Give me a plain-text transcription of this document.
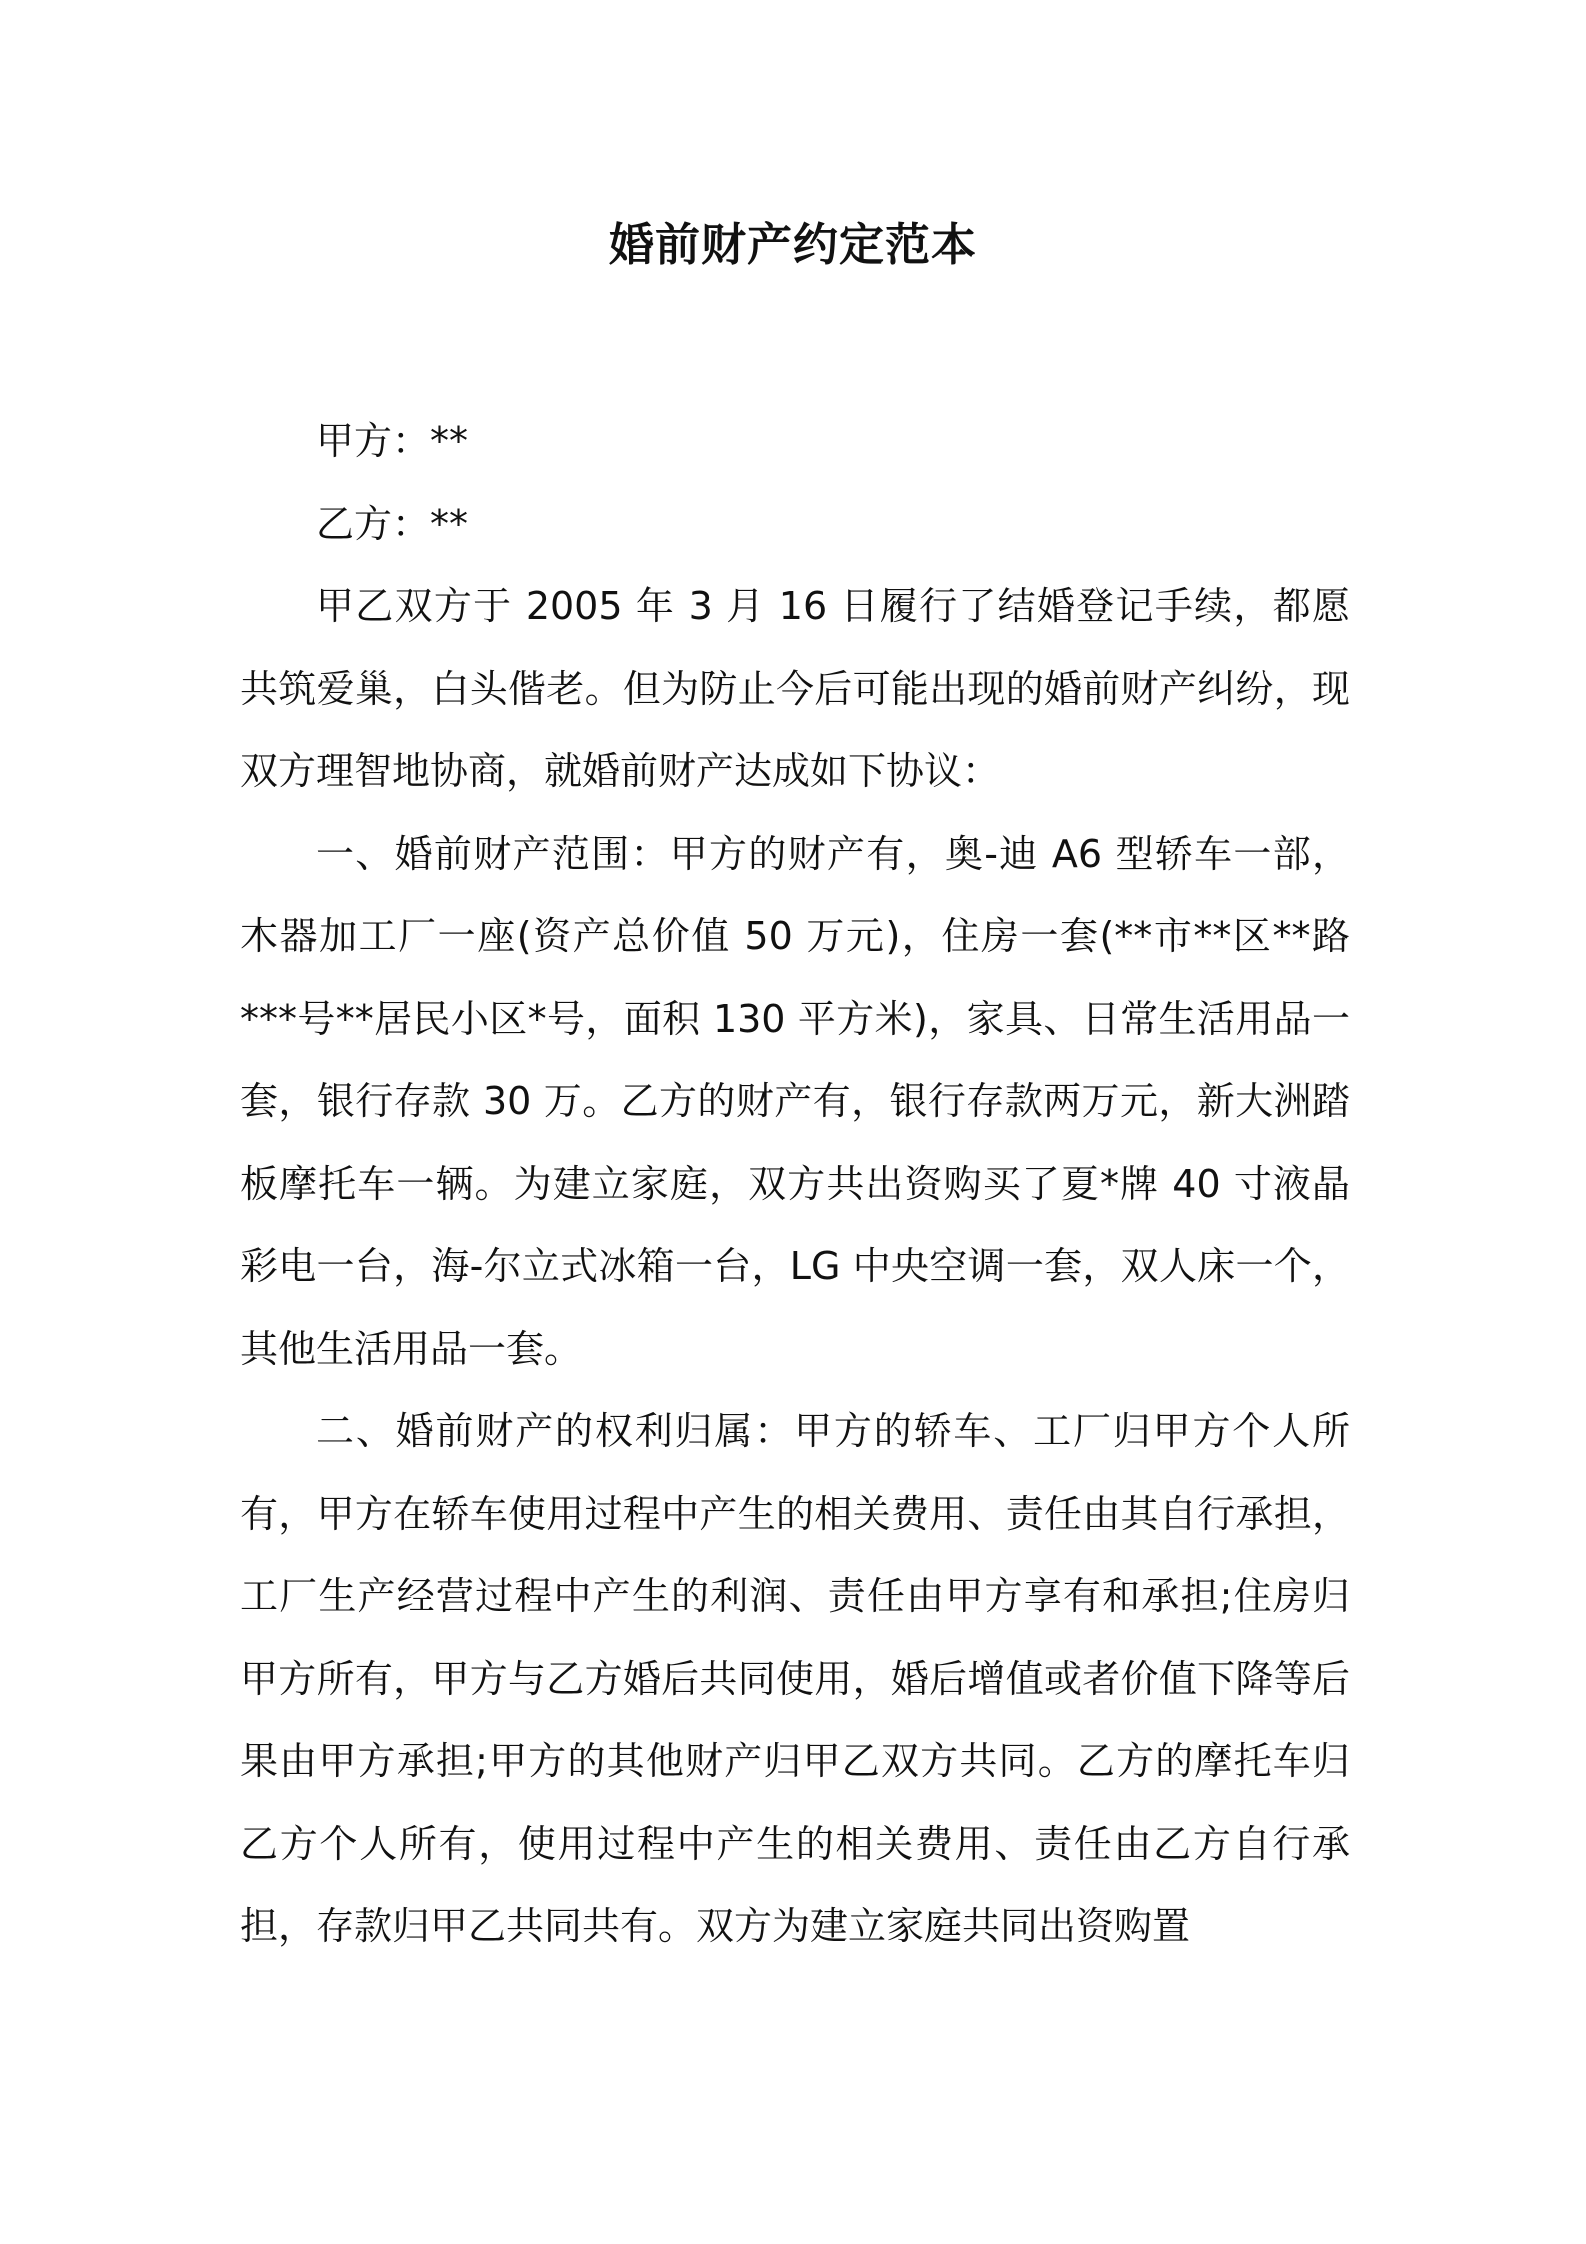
婚前财产约定范本

甲方：**

乙方：**

甲乙双方于 2005 年 3 月 16 日履行了结婚登记手续，都愿共筑爱巢，白头偕老。但为防止今后可能出现的婚前财产纠纷，现双方理智地协商，就婚前财产达成如下协议：

一、婚前财产范围：甲方的财产有，奥-迪 A6 型轿车一部，木器加工厂一座(资产总价值 50 万元)，住房一套(**市**区**路***号**居民小区*号，面积 130 平方米)，家具、日常生活用品一套，银行存款 30 万。乙方的财产有，银行存款两万元，新大洲踏板摩托车一辆。为建立家庭，双方共出资购买了夏*牌 40 寸液晶彩电一台，海-尔立式冰箱一台，LG 中央空调一套，双人床一个，其他生活用品一套。

二、婚前财产的权利归属：甲方的轿车、工厂归甲方个人所有，甲方在轿车使用过程中产生的相关费用、责任由其自行承担，工厂生产经营过程中产生的利润、责任由甲方享有和承担;住房归甲方所有，甲方与乙方婚后共同使用，婚后增值或者价值下降等后果由甲方承担;甲方的其他财产归甲乙双方共同。乙方的摩托车归乙方个人所有，使用过程中产生的相关费用、责任由乙方自行承担，存款归甲乙共同共有。双方为建立家庭共同出资购置
